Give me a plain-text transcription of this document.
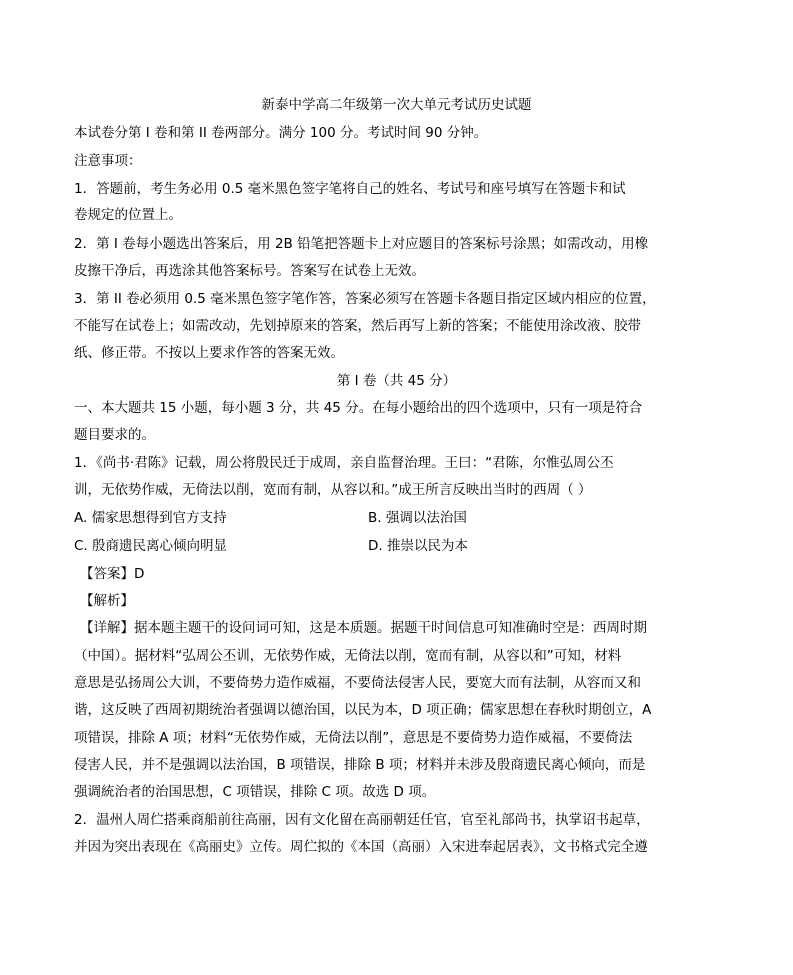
新泰中学高二年级第一次大单元考试历史试题
本试卷分第 I 卷和第 II 卷两部分。满分 100 分。考试时间 90 分钟。
注意事项：
1．答题前，考生务必用 0.5 毫米黑色签字笔将自己的姓名、考试号和座号填写在答题卡和试
卷规定的位置上。
2．第 I 卷每小题选出答案后，用 2B 铅笔把答题卡上对应题目的答案标号涂黑；如需改动，用橡
皮擦干净后，再选涂其他答案标号。答案写在试卷上无效。
3．第 II 卷必须用 0.5 毫米黑色签字笔作答，答案必须写在答题卡各题目指定区域内相应的位置，
不能写在试卷上；如需改动，先划掉原来的答案，然后再写上新的答案；不能使用涂改液、胶带
纸、修正带。不按以上要求作答的答案无效。
第 I 卷（共 45 分）
一、本大题共 15 小题，每小题 3 分，共 45 分。在每小题给出的四个选项中，只有一项是符合
题目要求的。
1．《尚书·君陈》记载，周公将殷民迁于成周，亲自监督治理。王曰：“君陈，尔惟弘周公丕
训，无依势作威，无倚法以削，宽而有制，从容以和。”成王所言反映出当时的西周（ ）
A. 儒家思想得到官方支持	B. 强调以法治国
C. 殷商遗民离心倾向明显	D. 推崇以民为本
【答案】D
【解析】
【详解】据本题主题干的设问词可知，这是本质题。据题干时间信息可知准确时空是：西周时期
（中国）。据材料“弘周公丕训，无依势作威，无倚法以削，宽而有制，从容以和”可知，材料
意思是弘扬周公大训，不要倚势力造作威福，不要倚法侵害人民，要宽大而有法制，从容而又和
谐，这反映了西周初期统治者强调以德治国，以民为本，D 项正确；儒家思想在春秋时期创立，A
项错误，排除 A 项；材料“无依势作威，无倚法以削”，意思是不要倚势力造作威福，不要倚法
侵害人民，并不是强调以法治国，B 项错误，排除 B 项；材料并未涉及殷商遗民离心倾向，而是
强调統治者的治国思想，C 项错误，排除 C 项。故选 D 项。
2．温州人周伫搭乘商船前往高丽，因有文化留在高丽朝廷任官，官至礼部尚书，执掌诏书起草，
并因为突出表现在《高丽史》立传。周伫拟的《本国（高丽）入宋进奉起居表》，文书格式完全遵
